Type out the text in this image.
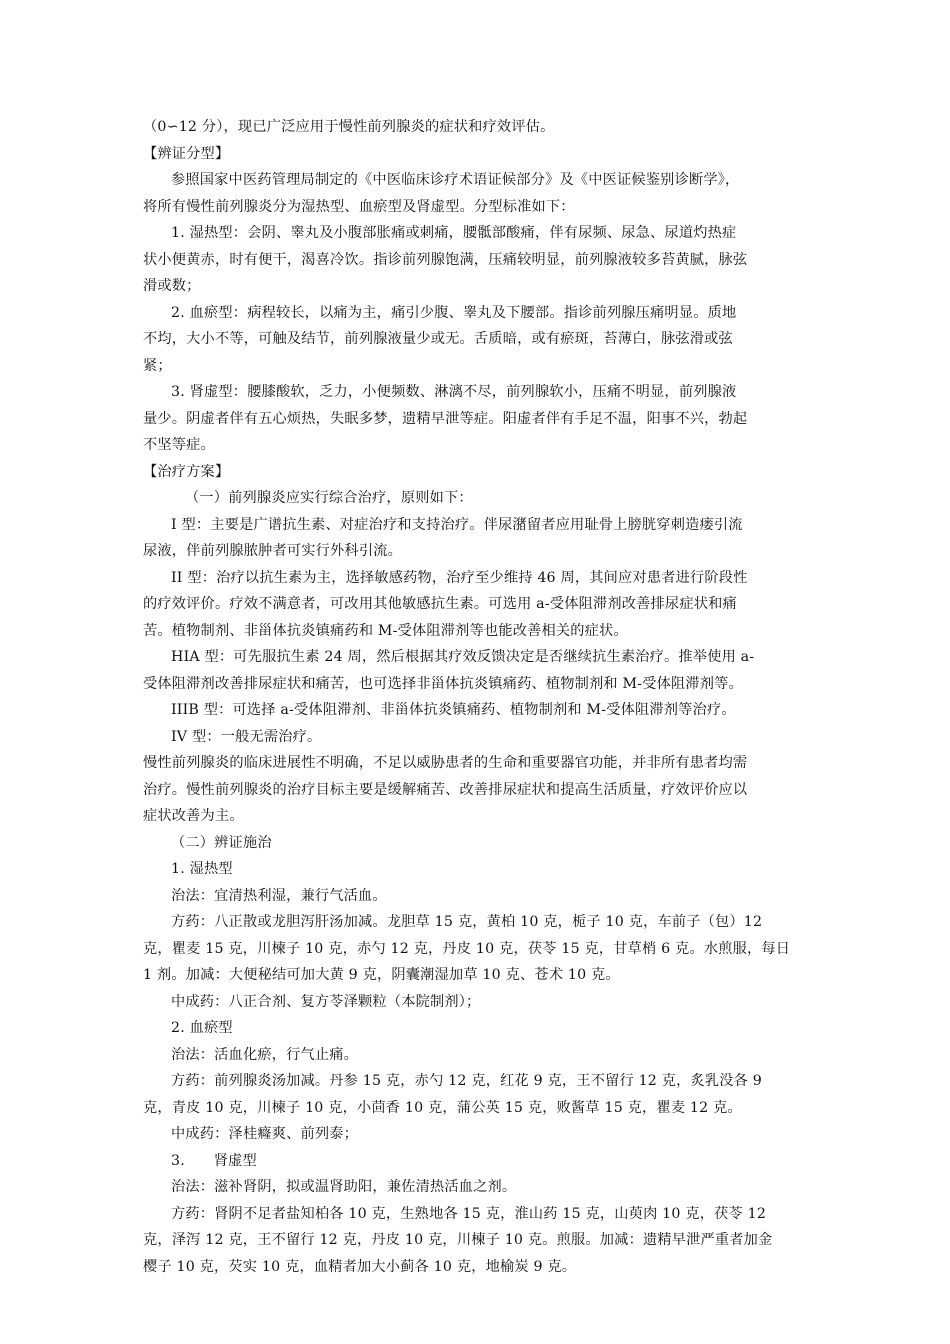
（0∽12 分），现已广泛应用于慢性前列腺炎的症状和疗效评估。
【辨证分型】
参照国家中医药管理局制定的《中医临床诊疗术语证候部分》及《中医证候鉴别诊断学》，
将所有慢性前列腺炎分为湿热型、血瘀型及肾虚型。分型标准如下：
1. 湿热型：会阴、睾丸及小腹部胀痛或刺痛，腰骶部酸痛，伴有尿频、尿急、尿道灼热症
状小便黄赤，时有便干，渴喜冷饮。指诊前列腺饱满，压痛较明显，前列腺液较多苔黄腻，脉弦
滑或数；
2. 血瘀型：病程较长，以痛为主，痛引少腹、睾丸及下腰部。指诊前列腺压痛明显。质地
不均，大小不等，可触及结节，前列腺液量少或无。舌质暗，或有瘀斑，苔薄白，脉弦滑或弦
紧；
3. 肾虚型：腰膝酸软，乏力，小便频数、淋漓不尽，前列腺软小，压痛不明显，前列腺液
量少。阴虚者伴有五心烦热，失眠多梦，遗精早泄等症。阳虚者伴有手足不温，阳事不兴，勃起
不坚等症。
【治疗方案】
（一）前列腺炎应实行综合治疗，原则如下：
I 型：主要是广谱抗生素、对症治疗和支持治疗。伴尿潴留者应用耻骨上膀胱穿刺造瘘引流
尿液，伴前列腺脓肿者可实行外科引流。
II 型：治疗以抗生素为主，选择敏感药物，治疗至少维持 46 周，其间应对患者进行阶段性
的疗效评价。疗效不满意者，可改用其他敏感抗生素。可选用 a-受体阻滞剂改善排尿症状和痛
苦。植物制剂、非甾体抗炎镇痛药和 M-受体阻滞剂等也能改善相关的症状。
HIA 型：可先服抗生素 24 周，然后根据其疗效反馈决定是否继续抗生素治疗。推举使用 a-
受体阻滞剂改善排尿症状和痛苦，也可选择非甾体抗炎镇痛药、植物制剂和 M-受体阻滞剂等。
IIIB 型：可选择 a-受体阻滞剂、非甾体抗炎镇痛药、植物制剂和 M-受体阻滞剂等治疗。
IV 型：一般无需治疗。
慢性前列腺炎的临床进展性不明确，不足以威胁患者的生命和重要器官功能，并非所有患者均需
治疗。慢性前列腺炎的治疗目标主要是缓解痛苦、改善排尿症状和提高生活质量，疗效评价应以
症状改善为主。
（二）辨证施治
1. 湿热型
治法：宜清热利湿，兼行气活血。
方药：八正散或龙胆泻肝汤加减。龙胆草 15 克，黄柏 10 克，栀子 10 克，车前子（包）12
克，瞿麦 15 克，川楝子 10 克，赤勺 12 克，丹皮 10 克，茯苓 15 克，甘草梢 6 克。水煎服，每日
1 剂。加减：大便秘结可加大黄 9 克，阴囊潮湿加草 10 克、苍术 10 克。
中成药：八正合剂、复方苓泽颗粒（本院制剂）；
2. 血瘀型
治法：活血化瘀，行气止痛。
方药：前列腺炎汤加减。丹参 15 克，赤勺 12 克，红花 9 克，王不留行 12 克，炙乳没各 9
克，青皮 10 克，川楝子 10 克，小茴香 10 克，蒲公英 15 克，败酱草 15 克，瞿麦 12 克。
中成药：泽桂癃爽、前列泰；
3.　　肾虚型
治法：滋补肾阴，拟或温肾助阳，兼佐清热活血之剂。
方药：肾阴不足者盐知柏各 10 克，生熟地各 15 克，淮山药 15 克，山萸肉 10 克，茯苓 12
克，泽泻 12 克，王不留行 12 克，丹皮 10 克，川楝子 10 克。煎服。加减：遗精早泄严重者加金
樱子 10 克，芡实 10 克，血精者加大小蓟各 10 克，地榆炭 9 克。
